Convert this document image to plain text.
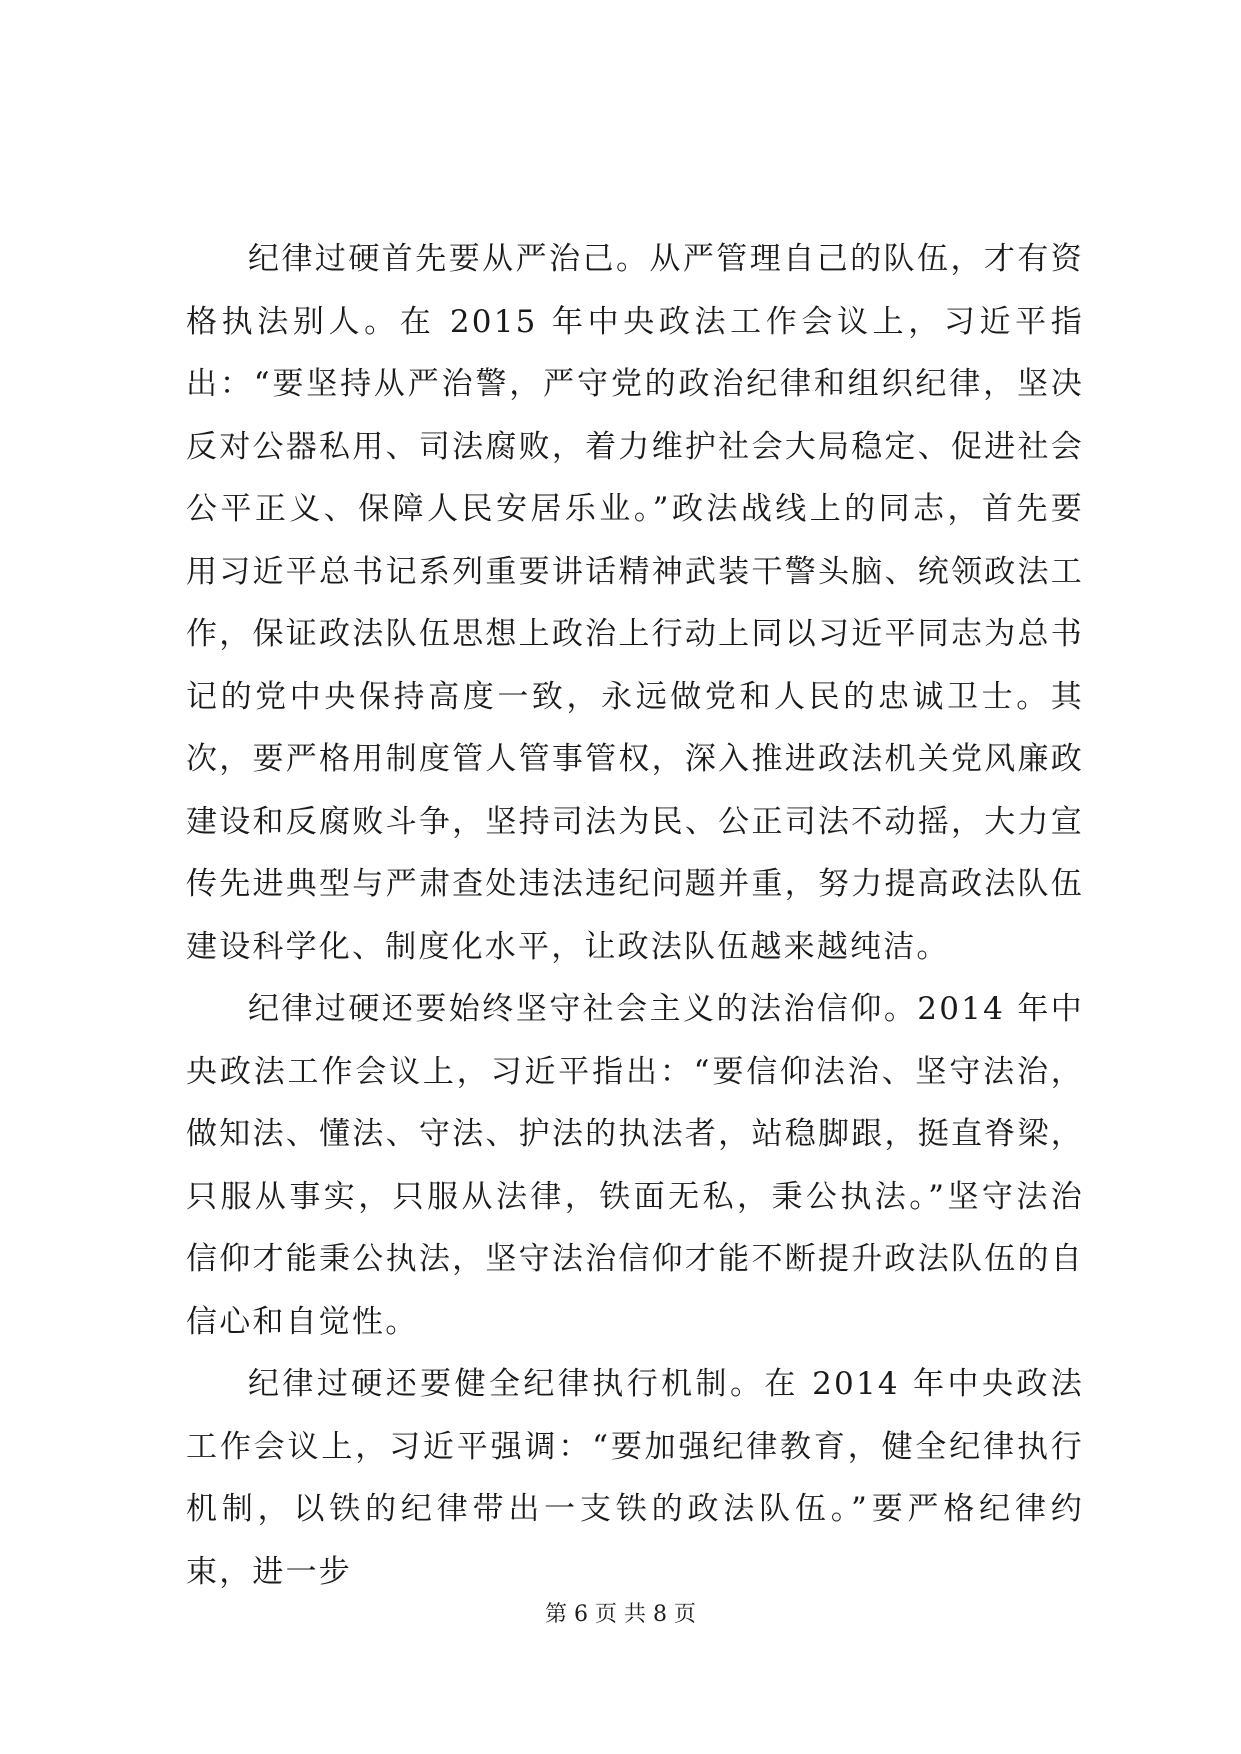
纪律过硬首先要从严治己。从严管理自己的队伍，才有资格执法别人。在 2015 年中央政法工作会议上，习近平指出：“要坚持从严治警，严守党的政治纪律和组织纪律，坚决反对公器私用、司法腐败，着力维护社会大局稳定、促进社会公平正义、保障人民安居乐业。”政法战线上的同志，首先要用习近平总书记系列重要讲话精神武装干警头脑、统领政法工作，保证政法队伍思想上政治上行动上同以习近平同志为总书记的党中央保持高度一致，永远做党和人民的忠诚卫士。其次，要严格用制度管人管事管权，深入推进政法机关党风廉政建设和反腐败斗争，坚持司法为民、公正司法不动摇，大力宣传先进典型与严肃查处违法违纪问题并重，努力提高政法队伍建设科学化、制度化水平，让政法队伍越来越纯洁。

纪律过硬还要始终坚守社会主义的法治信仰。2014 年中央政法工作会议上，习近平指出：“要信仰法治、坚守法治，做知法、懂法、守法、护法的执法者，站稳脚跟，挺直脊梁，只服从事实，只服从法律，铁面无私，秉公执法。”坚守法治信仰才能秉公执法，坚守法治信仰才能不断提升政法队伍的自信心和自觉性。

纪律过硬还要健全纪律执行机制。在 2014 年中央政法工作会议上，习近平强调：“要加强纪律教育，健全纪律执行机制，以铁的纪律带出一支铁的政法队伍。”要严格纪律约束，进一步

第 6 页 共 8 页
